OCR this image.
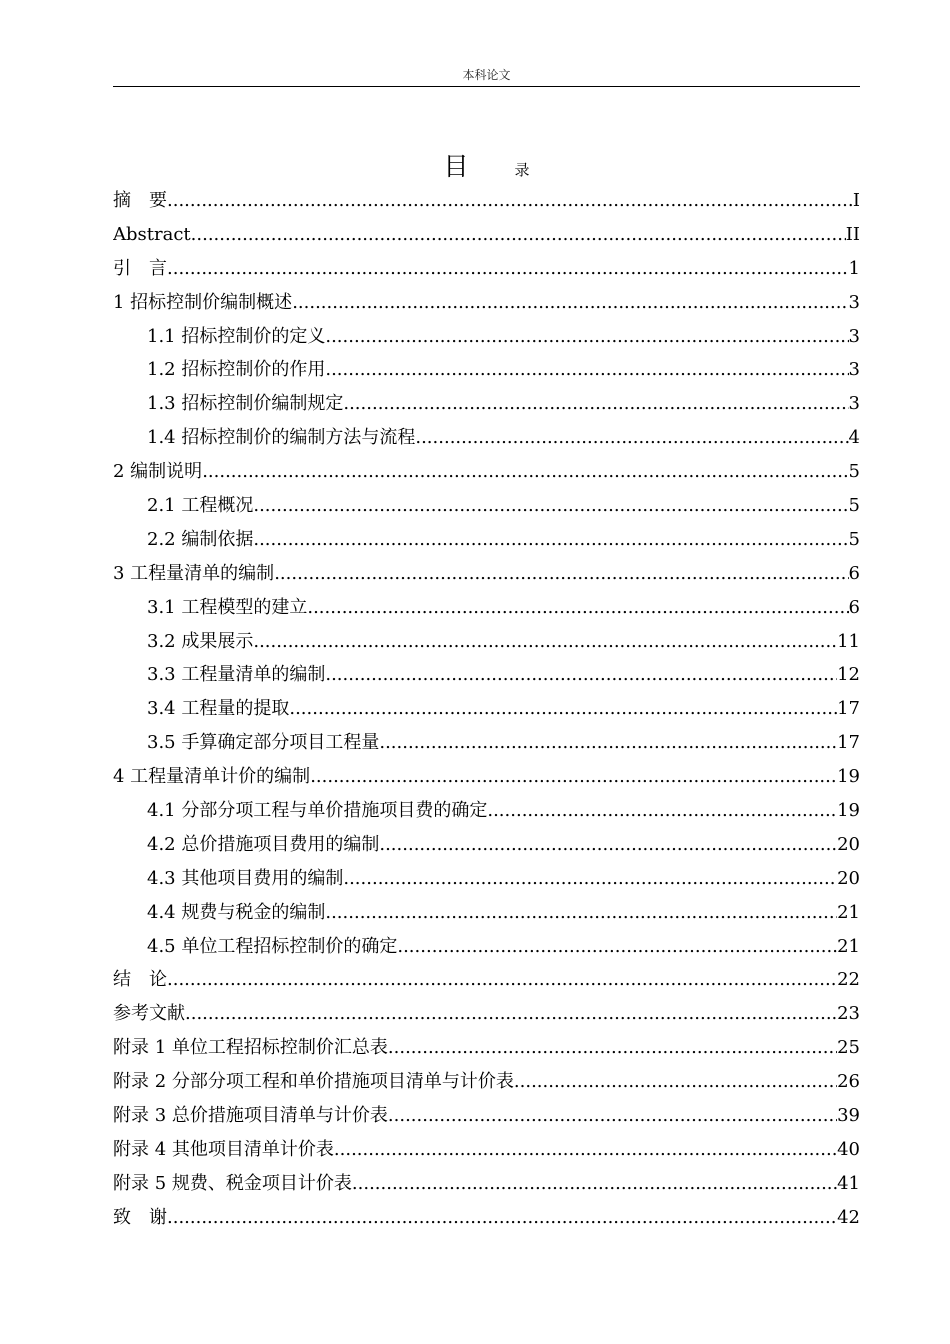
本科论文
目	录
摘　要 .....	I
Abstract .....	II
引　言 .....	1
1 招标控制价编制概述 .....	3
1.1 招标控制价的定义 .....	3
1.2 招标控制价的作用 .....	3
1.3 招标控制价编制规定 .....	3
1.4 招标控制价的编制方法与流程 .....	4
2 编制说明 .....	5
2.1 工程概况 .....	5
2.2 编制依据 .....	5
3 工程量清单的编制 .....	6
3.1 工程模型的建立 .....	6
3.2 成果展示 .....	11
3.3 工程量清单的编制 .....	12
3.4 工程量的提取 .....	17
3.5 手算确定部分项目工程量 .....	17
4 工程量清单计价的编制 .....	19
4.1 分部分项工程与单价措施项目费的确定 .....	19
4.2 总价措施项目费用的编制 .....	20
4.3 其他项目费用的编制 .....	20
4.4 规费与税金的编制 .....	21
4.5 单位工程招标控制价的确定 .....	21
结　论 .....	22
参考文献 .....	23
附录 1 单位工程招标控制价汇总表 .....	25
附录 2 分部分项工程和单价措施项目清单与计价表 .....	26
附录 3 总价措施项目清单与计价表 .....	39
附录 4 其他项目清单计价表 .....	40
附录 5 规费、税金项目计价表 .....	41
致　谢 .....	42
